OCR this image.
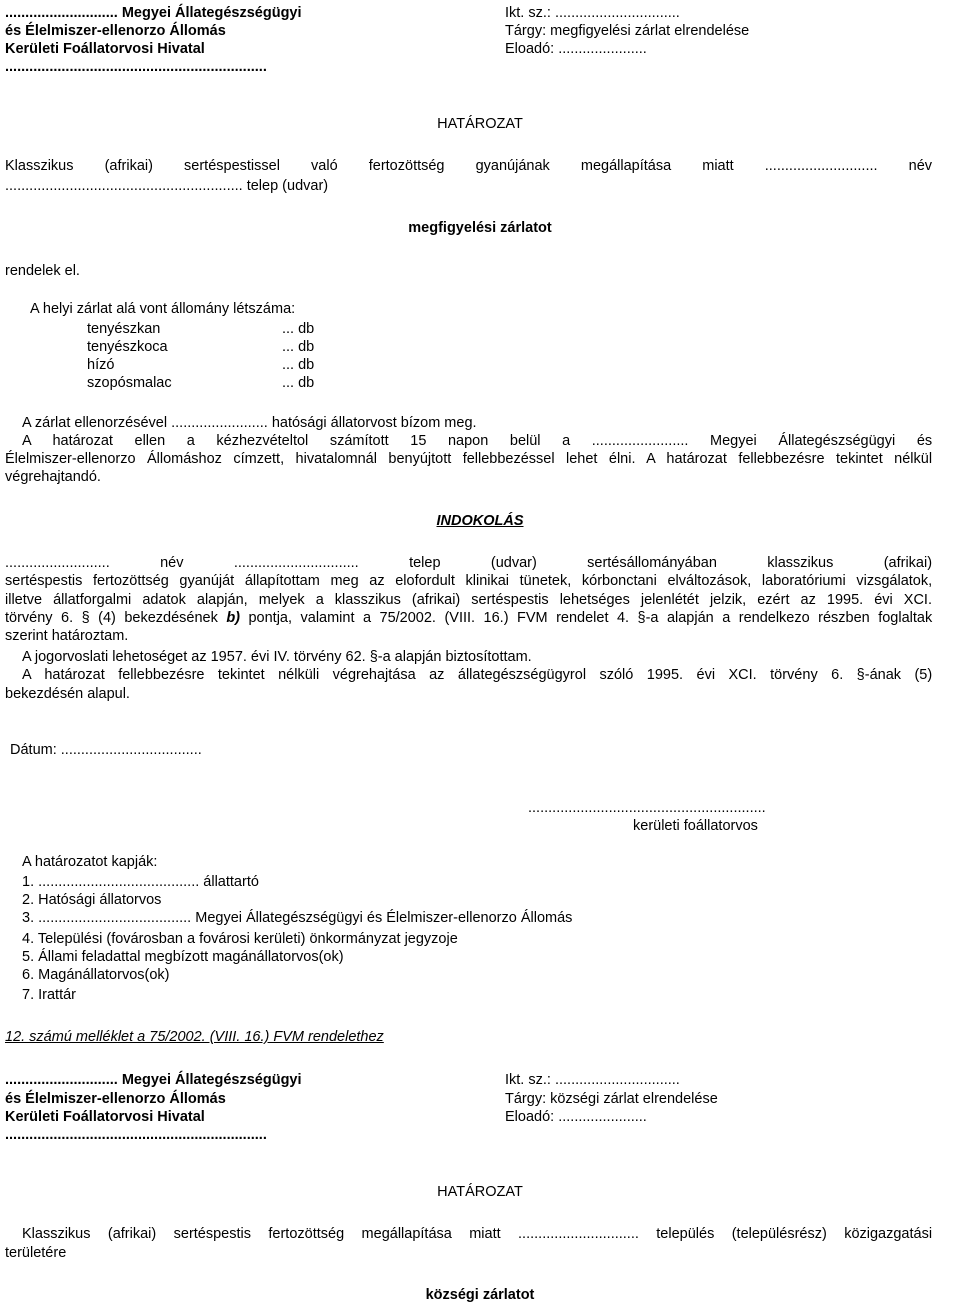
............................ Megyei Állategészségügyi
és Élelmiszer-ellenorzo Állomás
Kerületi Foállatorvosi Hivatal
.................................................................
Ikt. sz.: ...............................
Tárgy: megfigyelési zárlat elrendelése
Eloadó: ......................
HATÁROZAT
Klasszikus (afrikai) sertéspestissel való fertozöttség gyanújának megállapítása miatt ............................ név
........................................................... telep (udvar)
megfigyelési zárlatot
rendelek el.
A helyi zárlat alá vont állomány létszáma:
tenyészkan	... db
tenyészkoca	... db
hízó	... db
szopósmalac	... db
A zárlat ellenorzésével ........................ hatósági állatorvost bízom meg.
A határozat ellen a kézhezvételtol számított 15 napon belül a ........................ Megyei Állategészségügyi és
Élelmiszer-ellenorzo Állomáshoz címzett, hivatalomnál benyújtott fellebbezéssel lehet élni. A határozat fellebbezésre tekintet nélkül
végrehajtandó.
INDOKOLÁS
..........................	név	...............................	telep	(udvar)	sertésállományában	klasszikus	(afrikai)
sertéspestis fertozöttség gyanúját állapítottam meg az elofordult klinikai tünetek, kórbonctani elváltozások, laboratóriumi vizsgálatok,
illetve állatforgalmi adatok alapján, melyek a klasszikus (afrikai) sertéspestis lehetséges jelenlétét jelzik, ezért az 1995. évi XCI.
törvény 6. § (4) bekezdésének b) pontja, valamint a 75/2002. (VIII. 16.) FVM rendelet 4. §-a alapján a rendelkezo részben foglaltak
szerint határoztam.
A jogorvoslati lehetoséget az 1957. évi IV. törvény 62. §-a alapján biztosítottam.
A határozat fellebbezésre tekintet nélküli végrehajtása az állategészségügyrol szóló 1995. évi XCI. törvény 6. §-ának (5)
bekezdésén alapul.
Dátum: ...................................
...........................................................
kerületi foállatorvos
A határozatot kapják:
1. ........................................ állattartó
2. Hatósági állatorvos
3. ...................................... Megyei Állategészségügyi és Élelmiszer-ellenorzo Állomás
4. Települési (fovárosban a fovárosi kerületi) önkormányzat jegyzoje
5. Állami feladattal megbízott magánállatorvos(ok)
6. Magánállatorvos(ok)
7. Irattár
12. számú melléklet a 75/2002. (VIII. 16.) FVM rendelethez
............................ Megyei Állategészségügyi
és Élelmiszer-ellenorzo Állomás
Kerületi Foállatorvosi Hivatal
.................................................................
Ikt. sz.: ...............................
Tárgy: községi zárlat elrendelése
Eloadó: ......................
HATÁROZAT
Klasszikus (afrikai) sertéspestis fertozöttség megállapítása miatt .............................. település (településrész) közigazgatási
területére
községi zárlatot
